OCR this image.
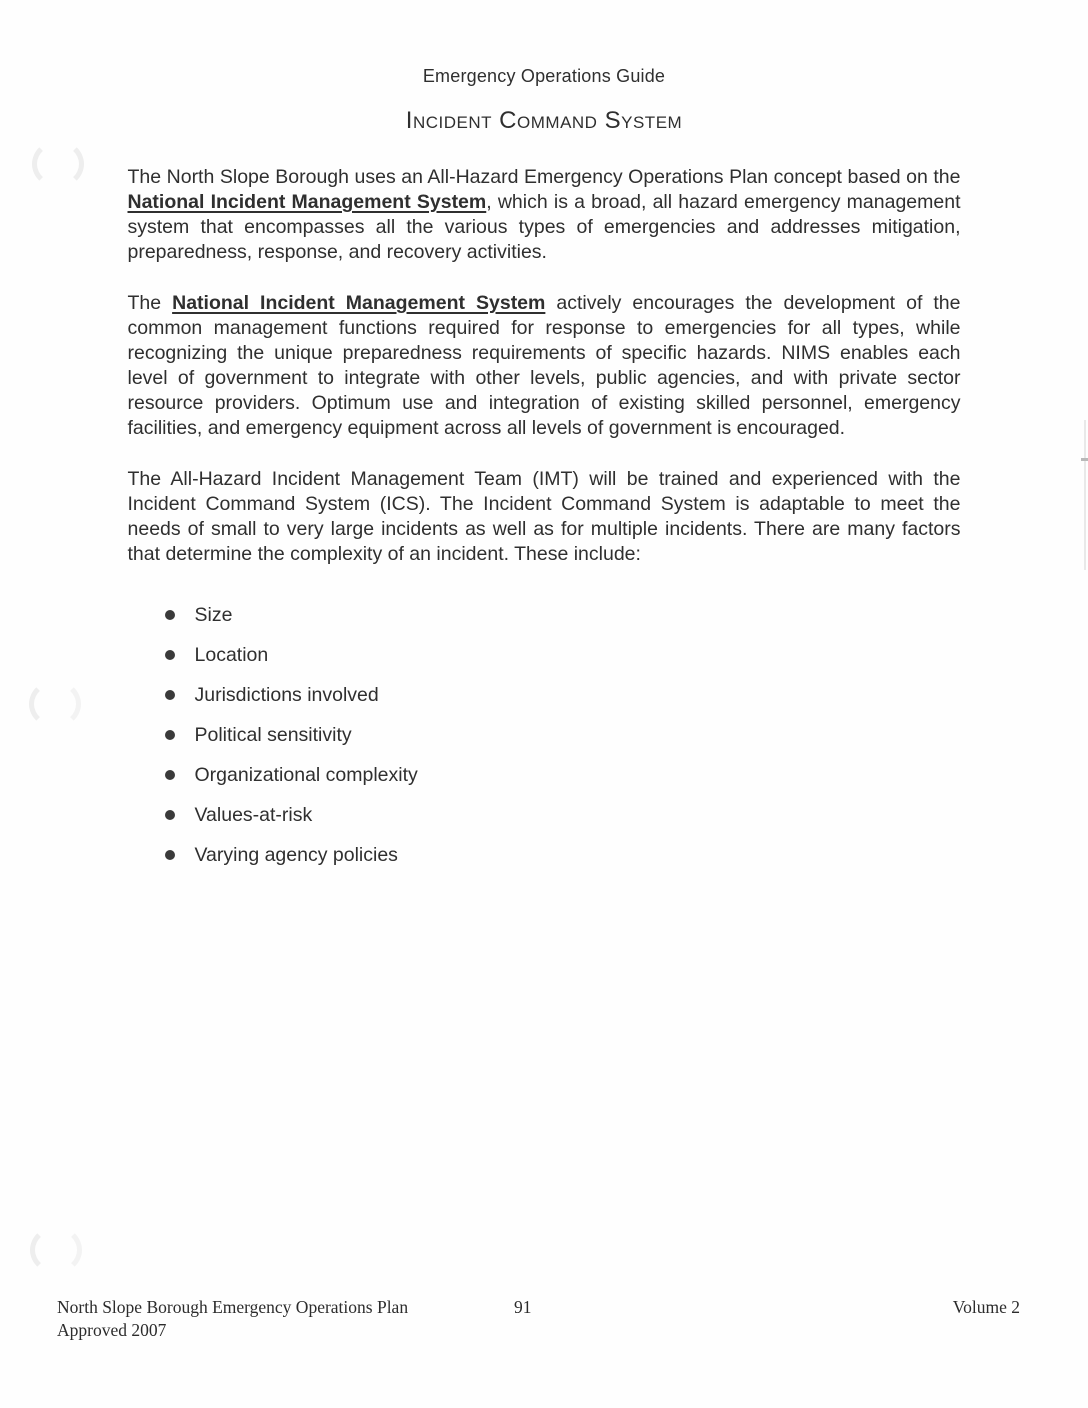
Emergency Operations Guide
Incident Command System

The North Slope Borough uses an All-Hazard Emergency Operations Plan concept based on the National Incident Management System, which is a broad, all hazard emergency management system that encompasses all the various types of emergencies and addresses mitigation, preparedness, response, and recovery activities.

The National Incident Management System actively encourages the development of the common management functions required for response to emergencies for all types, while recognizing the unique preparedness requirements of specific hazards. NIMS enables each level of government to integrate with other levels, public agencies, and with private sector resource providers. Optimum use and integration of existing skilled personnel, emergency facilities, and emergency equipment across all levels of government is encouraged.

The All-Hazard Incident Management Team (IMT) will be trained and experienced with the Incident Command System (ICS). The Incident Command System is adaptable to meet the needs of small to very large incidents as well as for multiple incidents. There are many factors that determine the complexity of an incident. These include:

Size
Location
Jurisdictions involved
Political sensitivity
Organizational complexity
Values-at-risk
Varying agency policies
North Slope Borough Emergency Operations Plan
Approved 2007
91	Volume 2
